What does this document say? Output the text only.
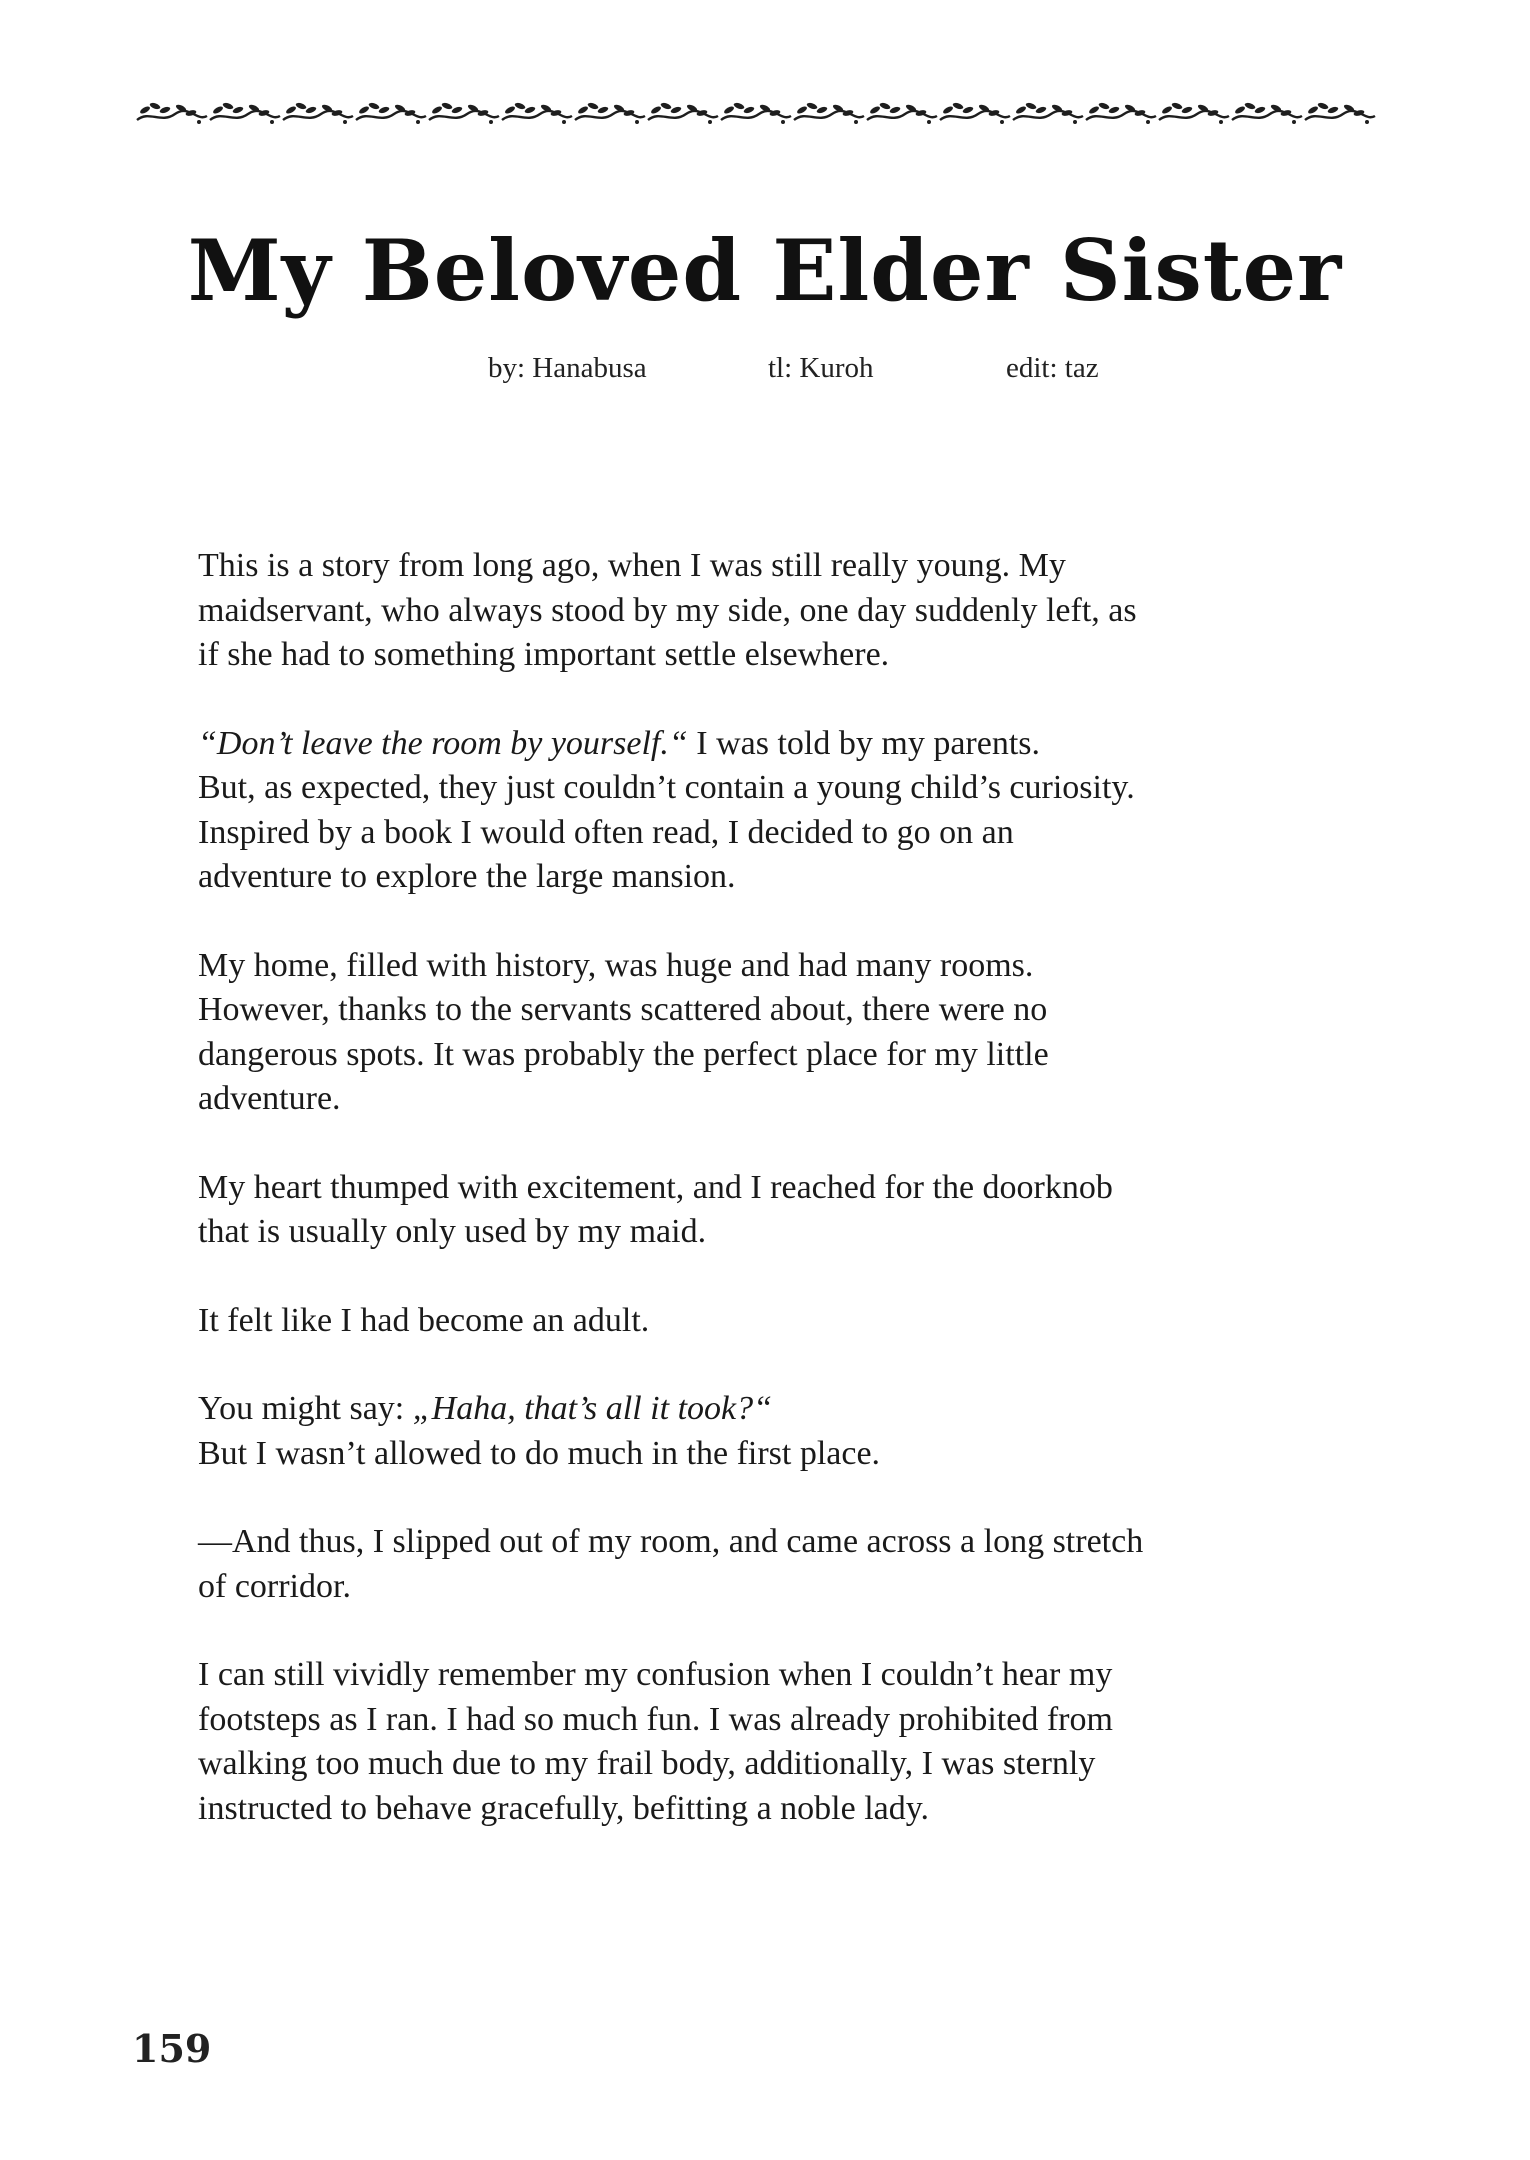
My Beloved Elder Sister
by: Hanabusa	tl: Kuroh	edit: taz

This is a story from long ago, when I was still really young. My
maidservant, who always stood by my side, one day suddenly left, as
if she had to something important settle elsewhere.

“Don’t leave the room by yourself.“ I was told by my parents.
But, as expected, they just couldn’t contain a young child’s curiosity.
Inspired by a book I would often read, I decided to go on an
adventure to explore the large mansion.

My home, filled with history, was huge and had many rooms.
However, thanks to the servants scattered about, there were no
dangerous spots. It was probably the perfect place for my little
adventure.

My heart thumped with excitement, and I reached for the doorknob
that is usually only used by my maid.

It felt like I had become an adult.

You might say: „Haha, that’s all it took?“
But I wasn’t allowed to do much in the first place.

—And thus, I slipped out of my room, and came across a long stretch
of corridor.

I can still vividly remember my confusion when I couldn’t hear my
footsteps as I ran. I had so much fun. I was already prohibited from
walking too much due to my frail body, additionally, I was sternly
instructed to behave gracefully, befitting a noble lady.

159
